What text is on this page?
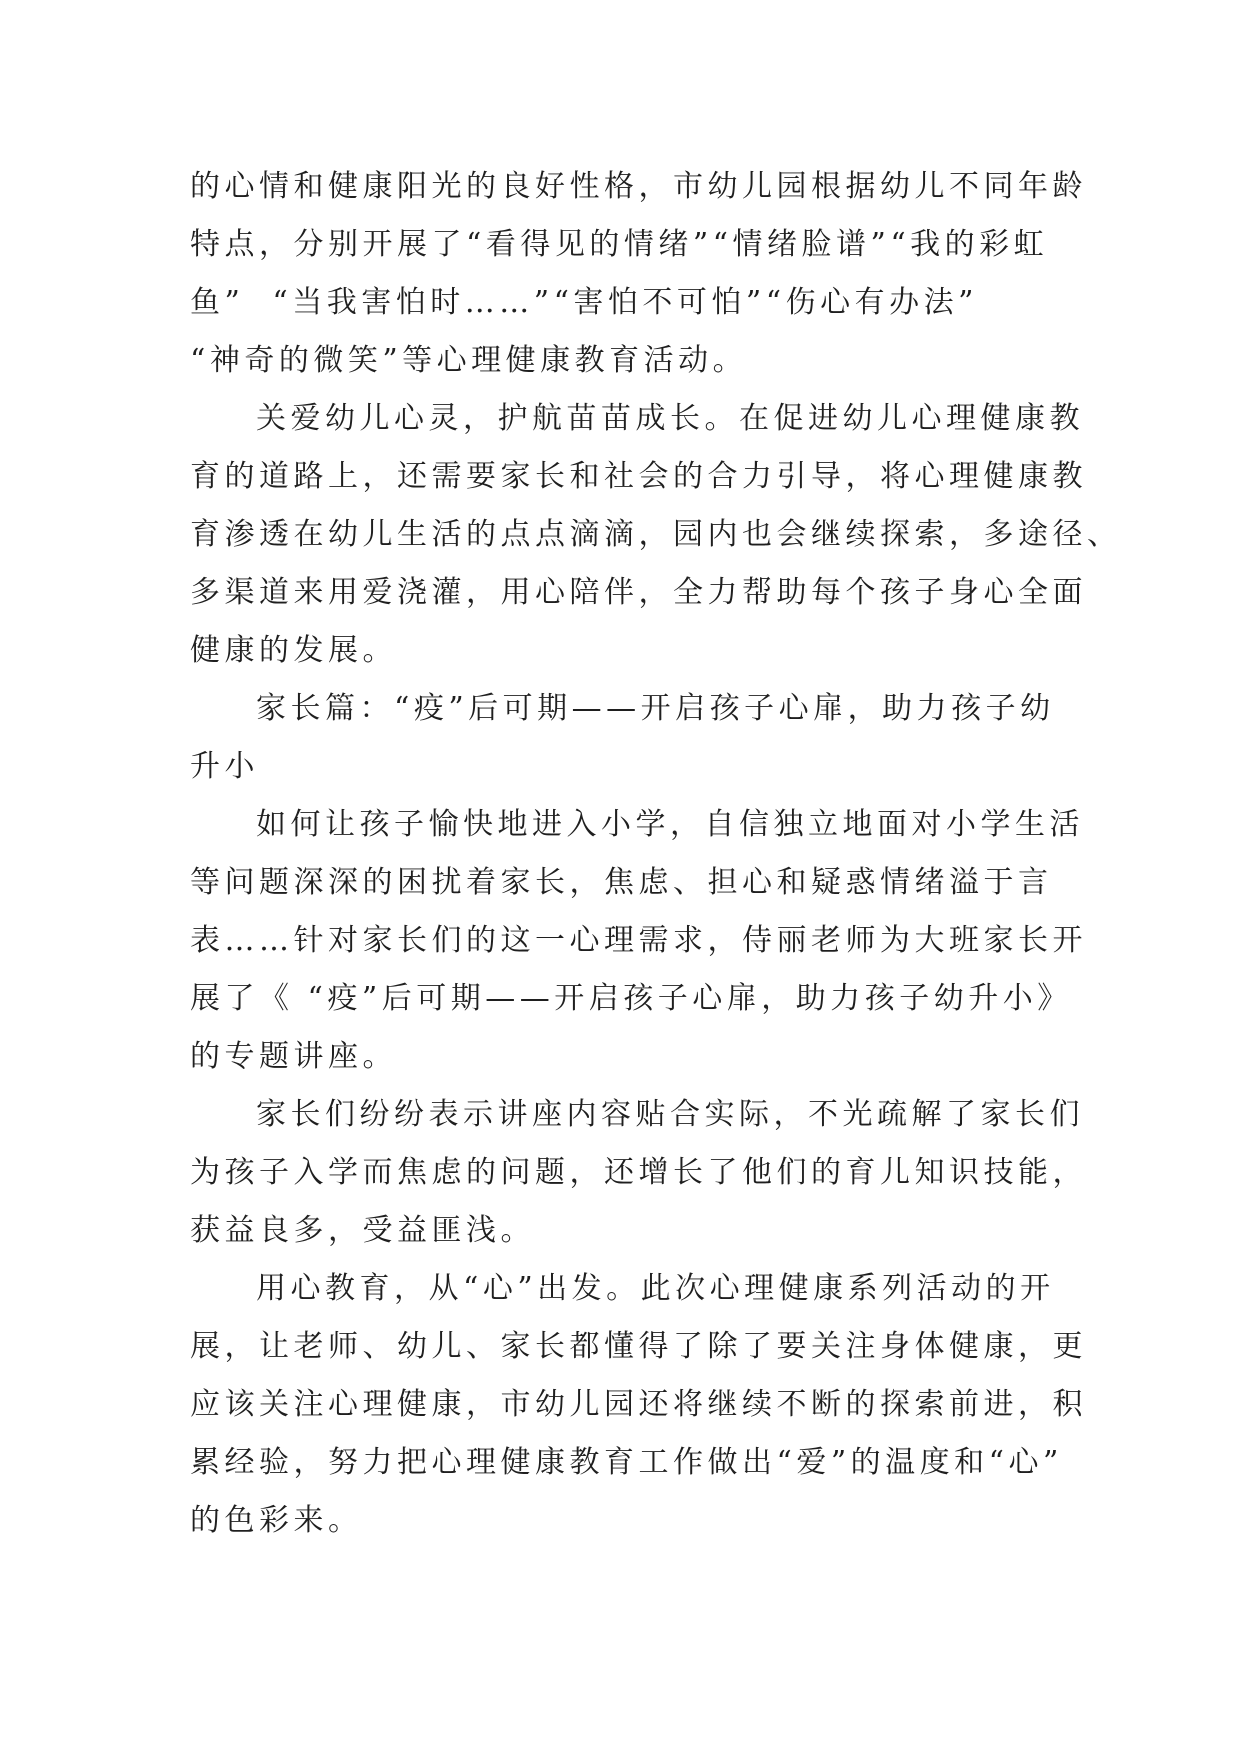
的心情和健康阳光的良好性格，市幼儿园根据幼儿不同年龄
特点，分别开展了“看得见的情绪”“情绪脸谱”“我的彩虹
鱼”  “当我害怕时……”“害怕不可怕”“伤心有办法”
“神奇的微笑”等心理健康教育活动。
关爱幼儿心灵，护航苗苗成长。在促进幼儿心理健康教
育的道路上，还需要家长和社会的合力引导，将心理健康教
育渗透在幼儿生活的点点滴滴，园内也会继续探索，多途径、
多渠道来用爱浇灌，用心陪伴，全力帮助每个孩子身心全面
健康的发展。
家长篇：“疫”后可期——开启孩子心扉，助力孩子幼
升小
如何让孩子愉快地进入小学，自信独立地面对小学生活
等问题深深的困扰着家长，焦虑、担心和疑惑情绪溢于言
表……针对家长们的这一心理需求，侍丽老师为大班家长开
展了《 “疫”后可期——开启孩子心扉，助力孩子幼升小》
的专题讲座。
家长们纷纷表示讲座内容贴合实际，不光疏解了家长们
为孩子入学而焦虑的问题，还增长了他们的育儿知识技能，
获益良多，受益匪浅。
用心教育，从“心”出发。此次心理健康系列活动的开
展，让老师、幼儿、家长都懂得了除了要关注身体健康，更
应该关注心理健康，市幼儿园还将继续不断的探索前进，积
累经验，努力把心理健康教育工作做出“爱”的温度和“心”
的色彩来。
